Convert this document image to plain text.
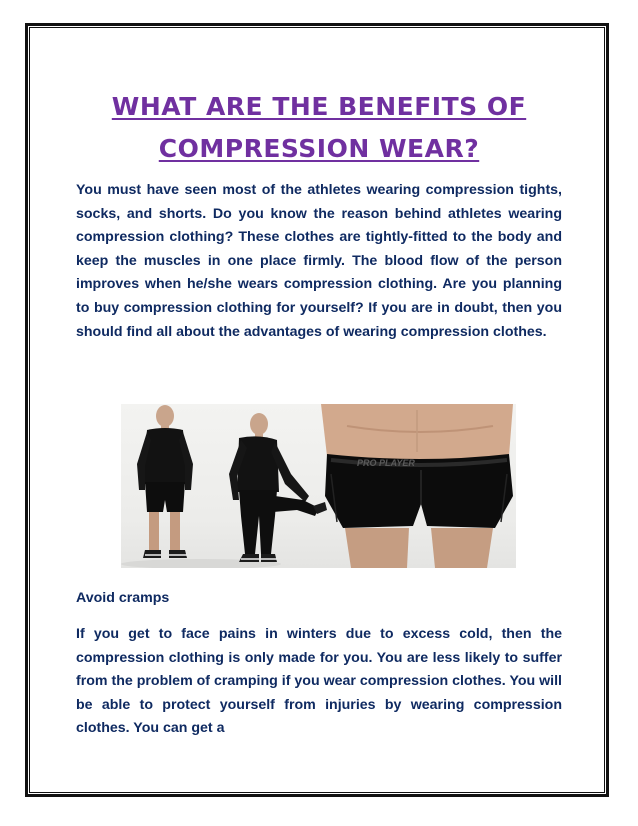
WHAT ARE THE BENEFITS OF
COMPRESSION WEAR?

You must have seen most of the athletes wearing compression tights, socks, and shorts. Do you know the reason behind athletes wearing compression clothing? These clothes are tightly-fitted to the body and keep the muscles in one place firmly. The blood flow of the person improves when he/she wears compression clothing. Are you planning to buy compression clothing for yourself? If you are in doubt, then you should find all about the advantages of wearing compression clothes.

PRO PLAYER
Avoid cramps

If you get to face pains in winters due to excess cold, then the compression clothing is only made for you. You are less likely to suffer from the problem of cramping if you wear compression clothes. You will be able to protect yourself from injuries by wearing compression clothes. You can get a
